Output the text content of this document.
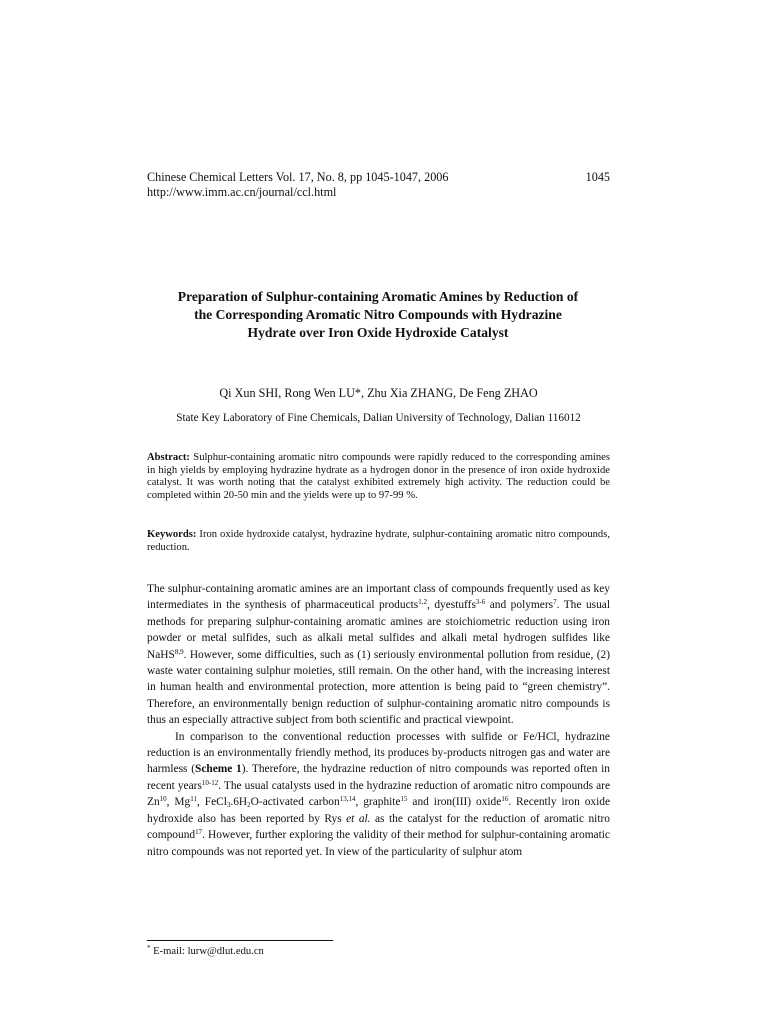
Chinese Chemical Letters Vol. 17, No. 8, pp 1045-1047, 2006
http://www.imm.ac.cn/journal/ccl.html
1045
Preparation of Sulphur-containing Aromatic Amines by Reduction of
the Corresponding Aromatic Nitro Compounds with Hydrazine
Hydrate over Iron Oxide Hydroxide Catalyst
Qi Xun SHI, Rong Wen LU*, Zhu Xia ZHANG, De Feng ZHAO
State Key Laboratory of Fine Chemicals, Dalian University of Technology, Dalian 116012
Abstract: Sulphur-containing aromatic nitro compounds were rapidly reduced to the corresponding amines in high yields by employing hydrazine hydrate as a hydrogen donor in the presence of iron oxide hydroxide catalyst. It was worth noting that the catalyst exhibited extremely high activity. The reduction could be completed within 20-50 min and the yields were up to 97-99 %.
Keywords: Iron oxide hydroxide catalyst, hydrazine hydrate, sulphur-containing aromatic nitro compounds, reduction.

The sulphur-containing aromatic amines are an important class of compounds frequently used as key intermediates in the synthesis of pharmaceutical products$^{1,2}$, dyestuffs$^{3-6}$ and polymers$^7$. The usual methods for preparing sulphur-containing aromatic amines are stoichiometric reduction using iron powder or metal sulfides, such as alkali metal sulfides and alkali metal hydrogen sulfides like NaHS$^{8,9}$. However, some difficulties, such as (1) seriously environmental pollution from residue, (2) waste water containing sulphur moieties, still remain. On the other hand, with the increasing interest in human health and environmental protection, more attention is being paid to “green chemistry”. Therefore, an environmentally benign reduction of sulphur-containing aromatic nitro compounds is thus an especially attractive subject from both scientific and practical viewpoint.

In comparison to the conventional reduction processes with sulfide or Fe/HCl, hydrazine reduction is an environmentally friendly method, its produces by-products nitrogen gas and water are harmless (Scheme 1). Therefore, the hydrazine reduction of nitro compounds was reported often in recent years$^{10-12}$. The usual catalysts used in the hydrazine reduction of aromatic nitro compounds are Zn$^{10}$, Mg$^{11}$, $FeCl_3.6H_2O$-activated carbon$^{13,14}$, graphite$^{15}$ and iron(III) oxide$^{16}$. Recently iron oxide hydroxide also has been reported by Rys et al. as the catalyst for the reduction of aromatic nitro compound$^{17}$. However, further exploring the validity of their method for sulphur-containing aromatic nitro compounds was not reported yet. In view of the particularity of sulphur atom

* E-mail: lurw@dlut.edu.cn
